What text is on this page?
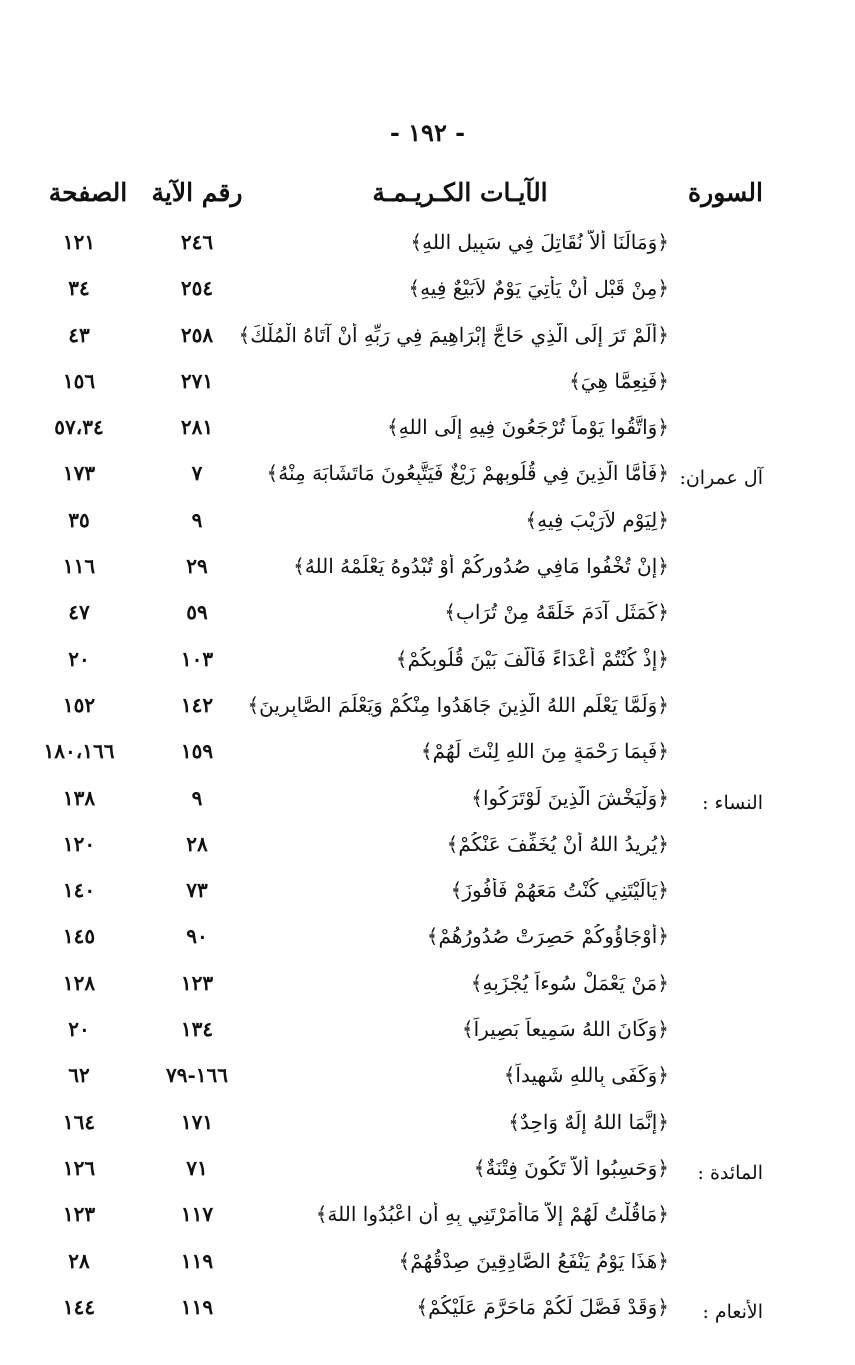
- ١٩٢ -
السورة
الآيـات الكـريـمـة
رقم الآية
الصفحة
﴿وَمَالَنَا أَلاَّ نُقَاتِلَ فِي سَبِيلِ اللهِ﴾
٢٤٦
١٢١
﴿مِنْ قَبْلِ أَنْ يَأْتِيَ يَوْمٌ لاَبَيْعٌ فِيهِ﴾
٢٥٤
٣٤
﴿أَلَمْ تَرَ إِلَى الَّذِي حَاجَّ إِبْرَاهِيمَ فِي رَبِّهِ أَنْ آتَاهُ الْمُلْكَ﴾
٢٥٨
٤٣
﴿فَنِعِمَّا هِيَ﴾
٢٧١
١٥٦
﴿وَاتَّقُوا يَوْماً تُرْجَعُونَ فِيهِ إِلَى اللهِ﴾
٢٨١
٥٧،٣٤
آل عمران:
﴿فَأَمَّا الَّذِينَ فِي قُلُوبِهِمْ زَيْغٌ فَيَتَّبِعُونَ مَاتَشَابَهَ مِنْهُ﴾
٧
١٧٣
﴿لِيَوْمٍ لاَرَيْبَ فِيهِ﴾
٩
٣٥
﴿إِنْ تُخْفُوا مَافِي صُدُورِكُمْ أَوْ تُبْدُوهُ يَعْلَمْهُ اللهُ﴾
٢٩
١١٦
﴿كَمَثَلِ آدَمَ خَلَقَهُ مِنْ تُرَابٍ﴾
٥٩
٤٧
﴿إِذْ كُنْتُمْ أَعْدَاءً فَأَلَّفَ بَيْنَ قُلُوبِكُمْ﴾
١٠٣
٢٠
﴿وَلَمَّا يَعْلَمِ اللهُ الَّذِينَ جَاهَدُوا مِنْكُمْ وَيَعْلَمَ الصَّابِرِينَ﴾
١٤٢
١٥٢
﴿فَبِمَا رَحْمَةٍ مِنَ اللهِ لِنْتَ لَهُمْ﴾
١٥٩
١٨٠،١٦٦
النساء :
﴿وَلْيَخْشَ الَّذِينَ لَوْتَرَكُوا﴾
٩
١٣٨
﴿يُرِيدُ اللهُ أَنْ يُخَفِّفَ عَنْكُمْ﴾
٢٨
١٢٠
﴿يَالَيْتَنِي كُنْتُ مَعَهُمْ فَأَفُوزَ﴾
٧٣
١٤٠
﴿أَوْجَاؤُوكُمْ حَصِرَتْ صُدُورُهُمْ﴾
٩٠
١٤٥
﴿مَنْ يَعْمَلْ سُوءاً يُجْزَبِهِ﴾
١٢٣
١٢٨
﴿وَكَانَ اللهُ سَمِيعاً بَصِيراً﴾
١٣٤
٢٠
﴿وَكَفَى بِاللهِ شَهِيداً﴾
١٦٦-٧٩
٦٢
﴿إِنَّمَا اللهُ إِلَهٌ وَاحِدٌ﴾
١٧١
١٦٤
المائدة :
﴿وَحَسِبُوا أَلاَّ تَكُونَ فِتْنَةٌ﴾
٧١
١٢٦
﴿مَاقُلْتُ لَهُمْ إِلاَّ مَاأَمَرْتَنِي بِهِ أَنِ اعْبُدُوا اللهَ﴾
١١٧
١٢٣
﴿هَذَا يَوْمُ يَنْفَعُ الصَّادِقِينَ صِدْقُهُمْ﴾
١١٩
٢٨
الأنعام :
﴿وَقَدْ فَصَّلَ لَكُمْ مَاحَرَّمَ عَلَيْكُمْ﴾
١١٩
١٤٤
